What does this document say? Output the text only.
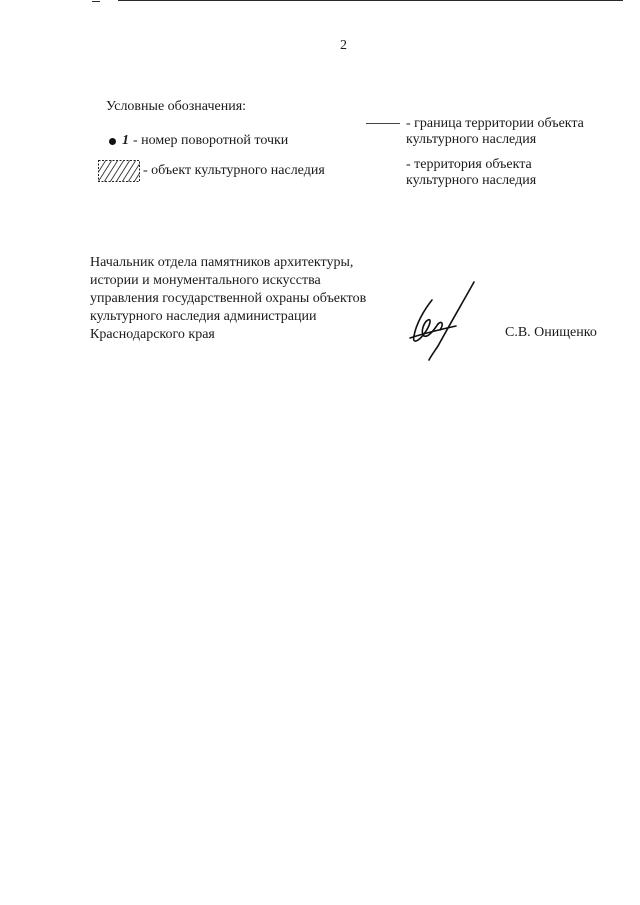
2
Условные обозначения:
1 - номер поворотной точки
- объект культурного наследия
- граница территории объекта
культурного наследия
- территория объекта
культурного наследия
Начальник отдела памятников архитектуры,
истории и монументального искусства
управления государственной охраны объектов
культурного наследия администрации
Краснодарского края	С.В. Онищенко
